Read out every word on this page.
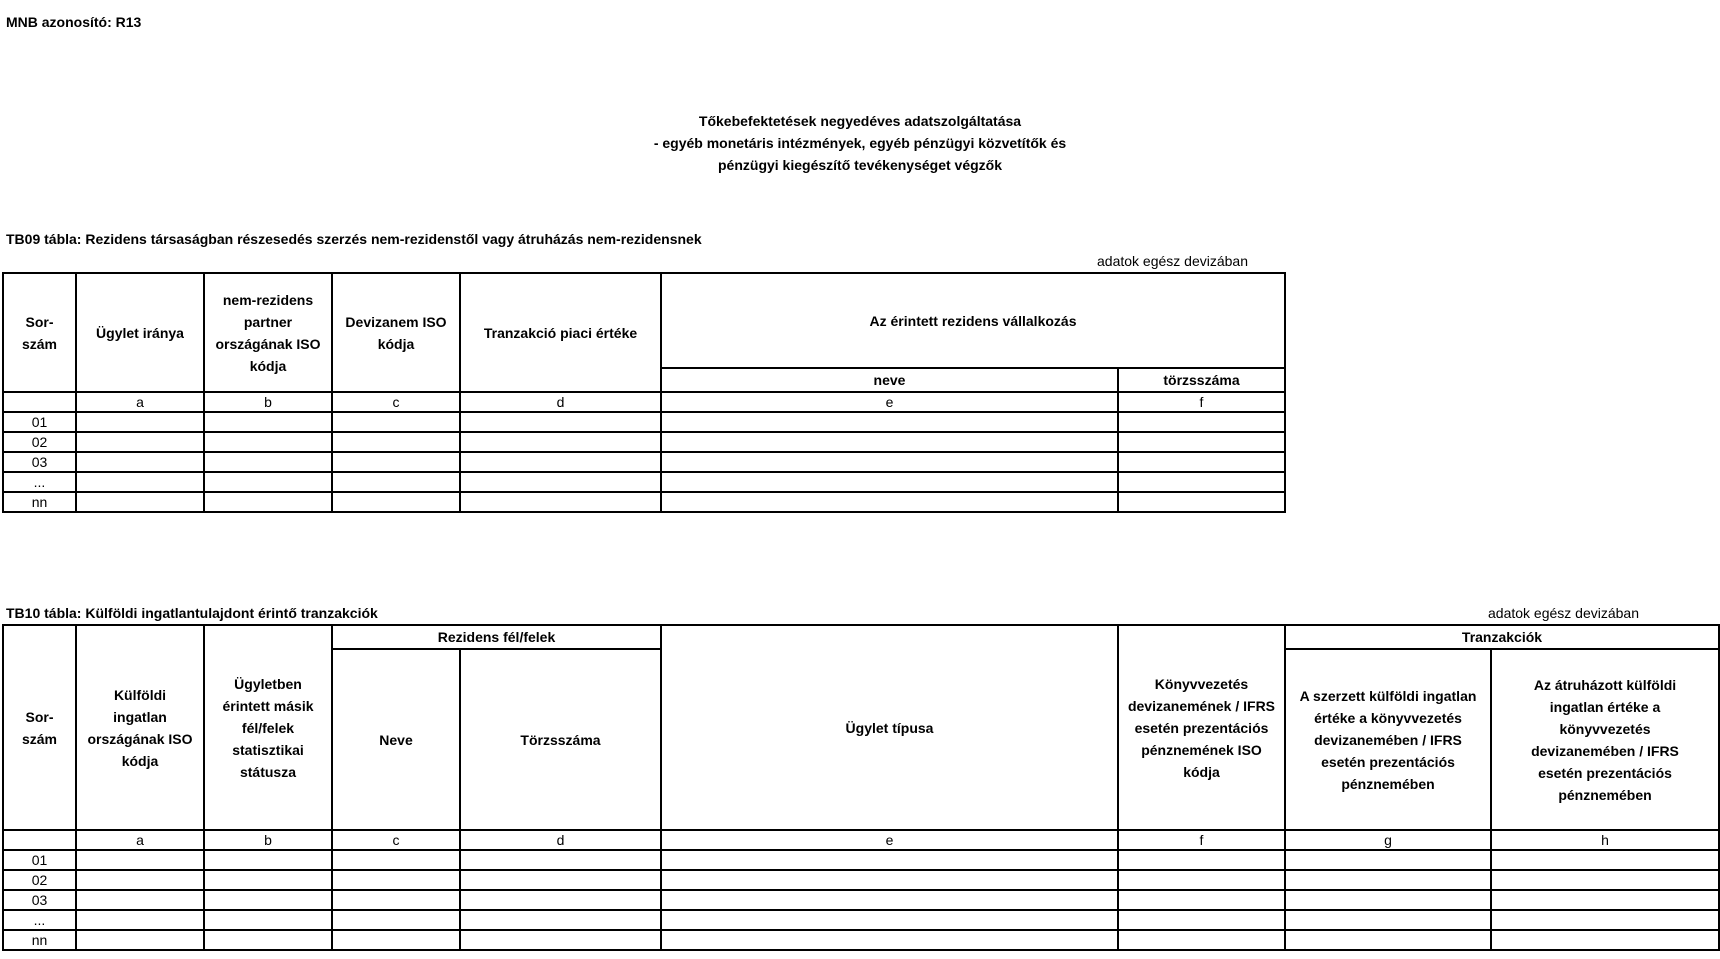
MNB azonosító: R13
Tőkebefektetések negyedéves adatszolgáltatása
- egyéb monetáris intézmények, egyéb pénzügyi közvetítők és
pénzügyi kiegészítő tevékenységet végzők
TB09 tábla: Rezidens társaságban részesedés szerzés nem-rezidenstől vagy átruházás nem-rezidensnek
adatok egész devizában
Sor-
szám	Ügylet iránya	nem-rezidens partner országának ISO kódja	Devizanem ISO kódja	Tranzakció piaci értéke	Az érintett rezidens vállalkozás	
					neve	törzsszáma
	a	b	c	d	e	f
01						
02						
03						
...						
nn						
TB10 tábla: Külföldi ingatlantulajdont érintő tranzakciók	adatok egész devizában
Sor-
szám	Külföldi ingatlan országának ISO kódja	Ügyletben érintett másik fél/felek statisztikai státusza	Rezidens fél/felek		Ügylet típusa	Könyvvezetés devizanemének / IFRS esetén prezentációs pénznemének ISO kódja	Tranzakciók	
			Neve	Törzsszáma			A szerzett külföldi ingatlan értéke a könyvvezetés devizanemében / IFRS esetén prezentációs pénznemében	Az átruházott külföldi ingatlan értéke a könyvvezetés devizanemében / IFRS esetén prezentációs pénznemében
	a	b	c	d	e	f	g	h
01								
02								
03								
...								
nn								
